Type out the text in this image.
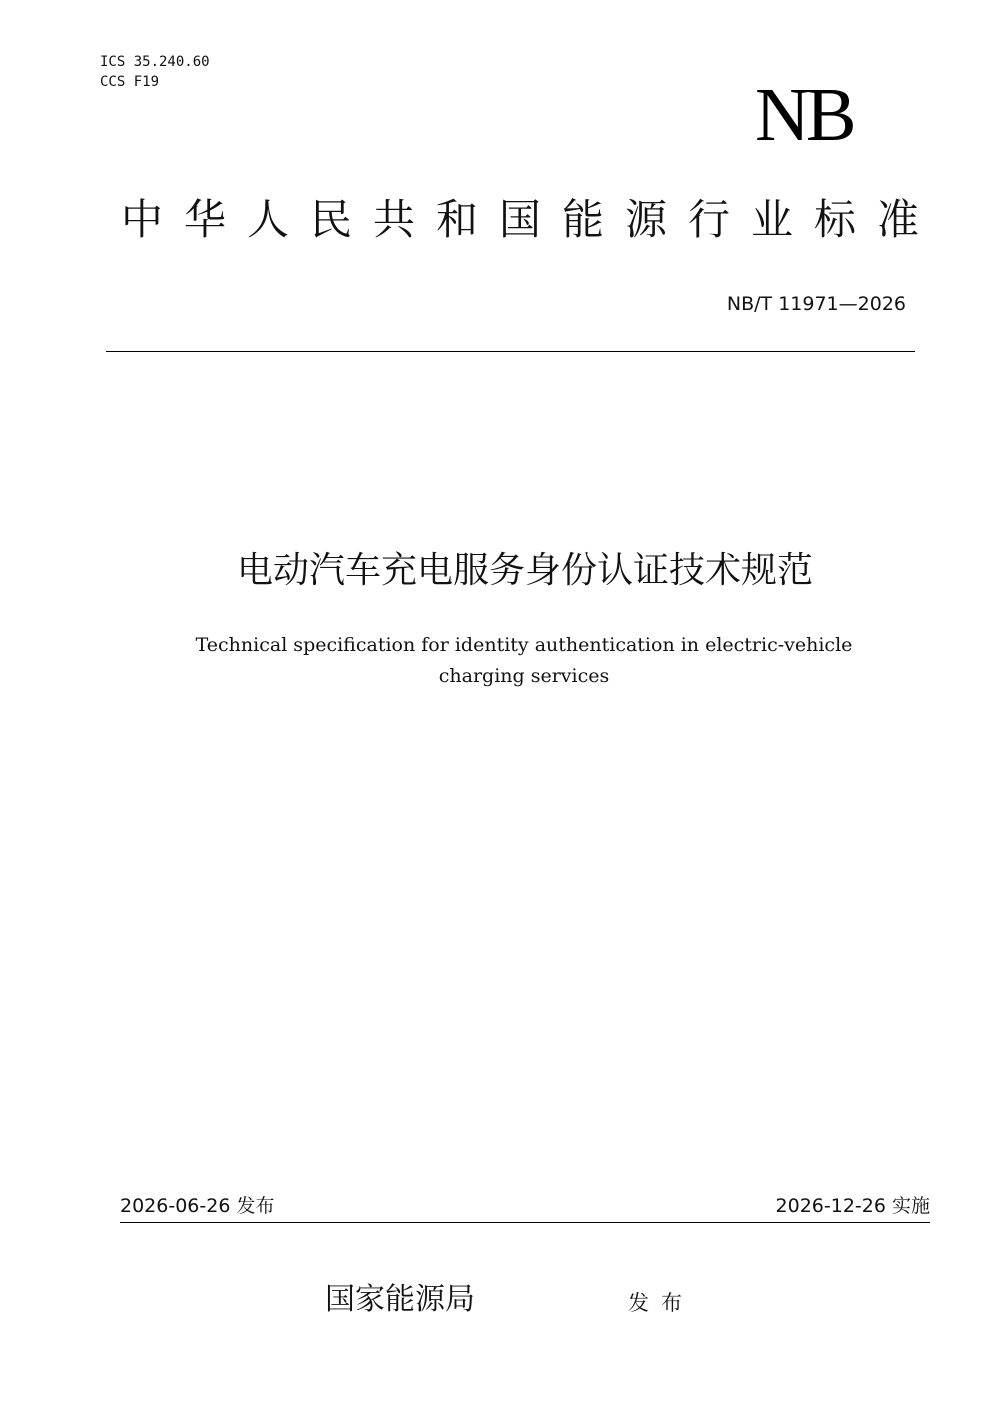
ICS 35.240.60
CCS F19	NB
中 华 人 民 共 和 国 能 源 行 业 标 准
NB/T 11971—2026
电动汽车充电服务身份认证技术规范
Technical specification for identity authentication in electric-vehicle
charging services
2026-06-26 发布	2026-12-26 实施
国家能源局	发布
